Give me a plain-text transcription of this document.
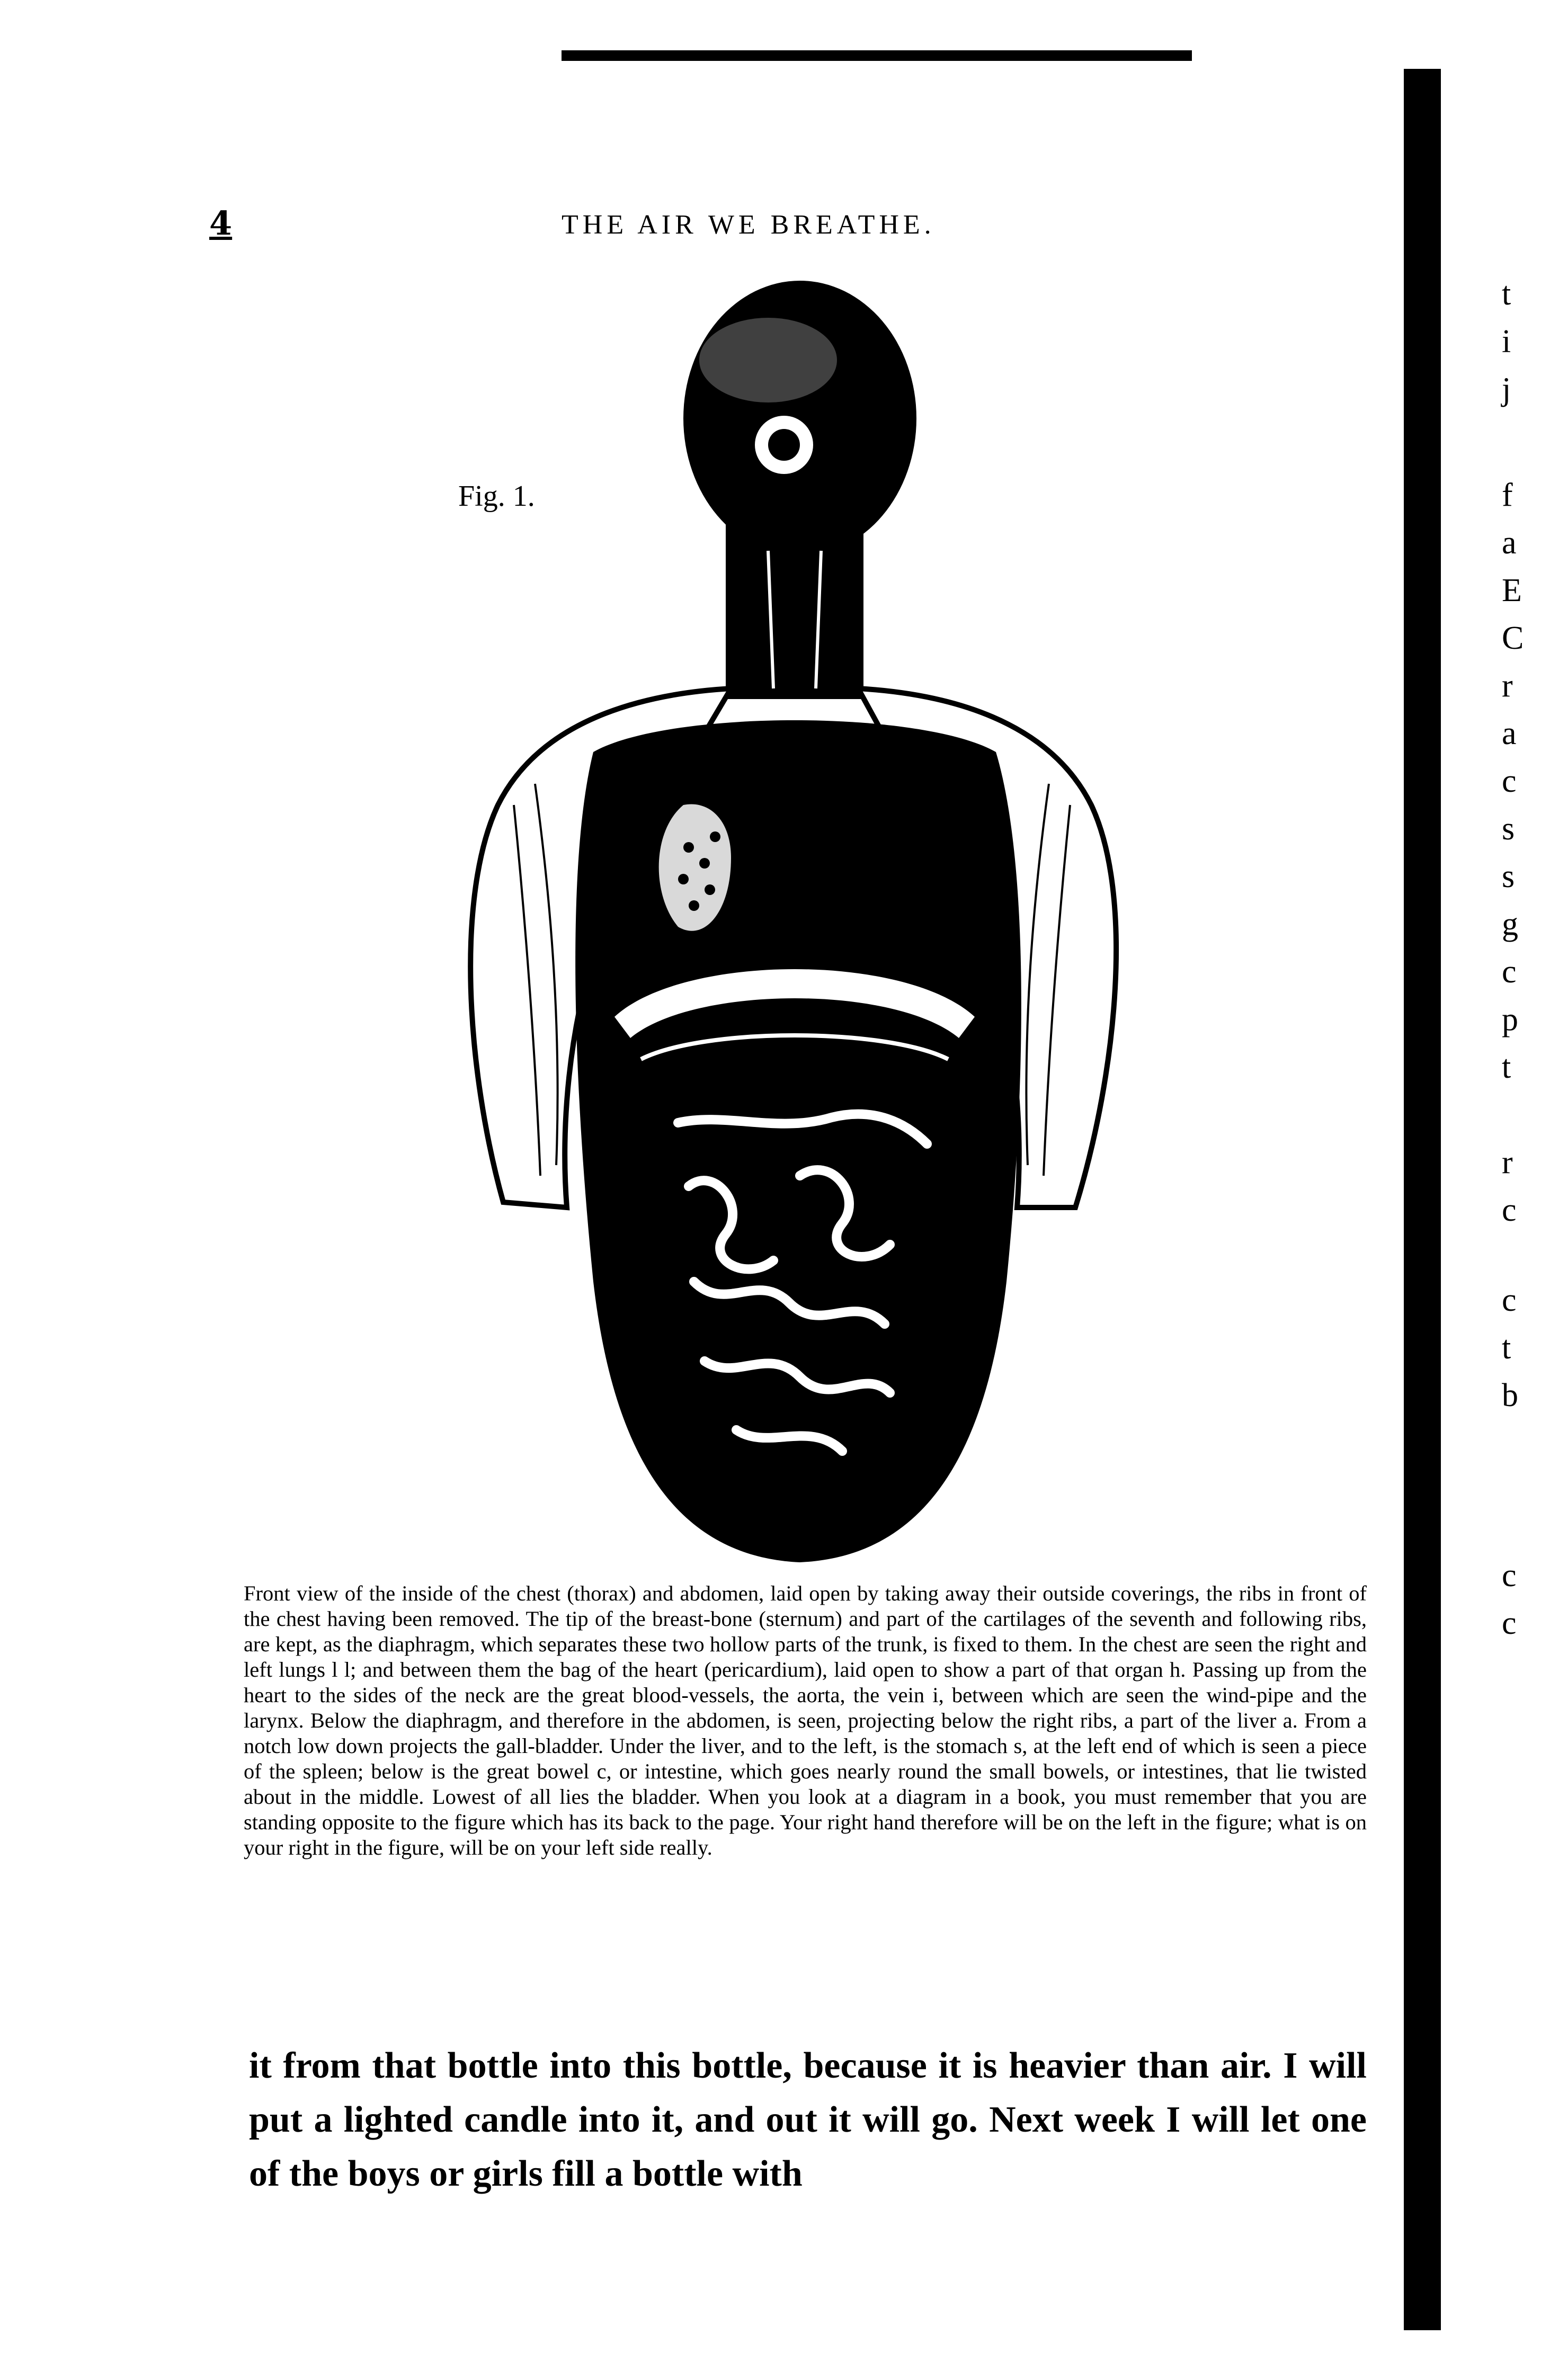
4	THE AIR WE BREATHE.
Fig. 1.

Front view of the inside of the chest (thorax) and abdomen, laid open by taking away their outside coverings, the ribs in front of the chest having been removed. The tip of the breast-bone (sternum) and part of the cartilages of the seventh and following ribs, are kept, as the diaphragm, which separates these two hollow parts of the trunk, is fixed to them. In the chest are seen the right and left lungs l l; and between them the bag of the heart (pericardium), laid open to show a part of that organ h. Passing up from the heart to the sides of the neck are the great blood-vessels, the aorta, the vein i, between which are seen the wind-pipe and the larynx. Below the diaphragm, and therefore in the abdomen, is seen, projecting below the right ribs, a part of the liver a. From a notch low down projects the gall-bladder. Under the liver, and to the left, is the stomach s, at the left end of which is seen a piece of the spleen; below is the great bowel c, or intestine, which goes nearly round the small bowels, or intestines, that lie twisted about in the middle. Lowest of all lies the bladder. When you look at a diagram in a book, you must remember that you are standing opposite to the figure which has its back to the page. Your right hand therefore will be on the left in the figure; what is on your right in the figure, will be on your left side really.

it from that bottle into this bottle, because it is heavier than air. I will put a lighted candle into it, and out it will go. Next week I will let one of the boys or girls fill a bottle with

t
i
j
f
a
E
C
r
a
c
s
s
g
c
p
t
r
c
c
t
b
c
c
